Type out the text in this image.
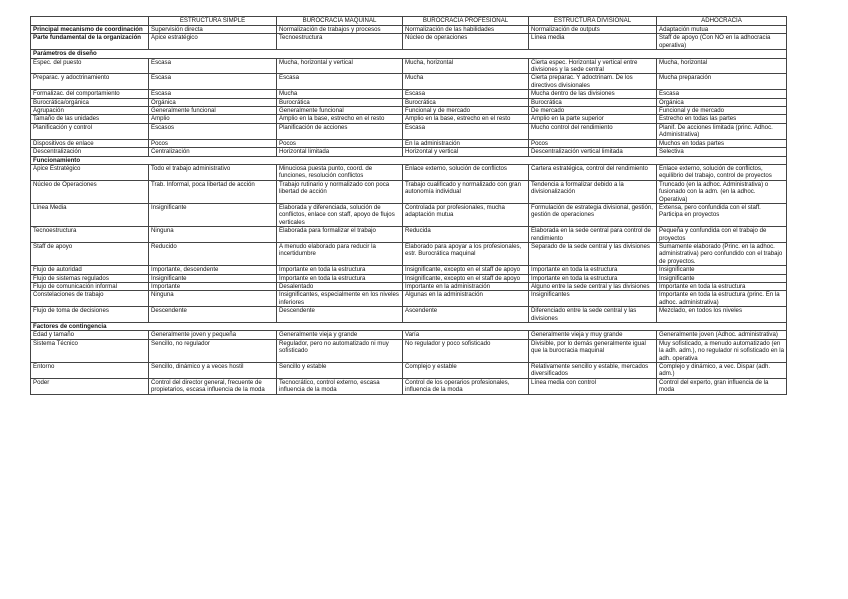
	ESTRUCTURA SIMPLE	BUROCRACIA MAQUINAL	BUROCRACIA PROFESIONAL	ESTRUCTURA DIVISIONAL	ADHOCRACIA
Principal mecanismo de coordinación	Supervisión directa	Normalización de trabajos y procesos	Normalización de las habilidades	Normalización de outputs	Adaptación mutua
Parte fundamental de la organización	Ápice estratégico	Tecnoestructura	Núcleo de operaciones	Línea media	Staff de apoyo (Con NO en la adhocracia operativa)
Parámetros de diseño					
Espec. del puesto	Escasa	Mucha, horizontal y vertical	Mucha, horizontal	Cierta espec. Horizontal y vertical entre divisiones y la sede central	Mucha, horizontal
Preparac. y adoctrinamiento	Escasa	Escasa	Mucha	Cierta preparac. Y adoctrinam. De los directivos divisionales	Mucha preparación
Formalizac. del comportamiento	Escasa	Mucha	Escasa	Mucha dentro de las divisiones	Escasa
Burocrática/orgánica	Orgánica	Burocrática	Burocrática	Burocrática	Orgánica
Agrupación	Generalmente funcional	Generalmente funcional	Funcional y de mercado	De mercado	Funcional y de mercado
Tamaño de las unidades	Amplio	Amplio en la base, estrecho en el resto	Amplio en la base, estrecho en el resto	Amplio en la parte superior	Estrecho en todas las partes
Planificación y control	Escasos	Planificación de acciones	Escasa	Mucho control del rendimiento	Planif. De acciones limitada (princ. Adhoc. Administrativa)
Dispositivos de enlace	Pocos	Pocos	En la administración	Pocos	Muchos en todas partes
Descentralización	Centralización	Horizontal limitada	Horizontal y vertical	Descentralización vertical limitada	Selectiva
Funcionamiento					
Ápice Estratégico	Todo el trabajo administrativo	Minuciosa puesta punto, coord. de funciones, resolución conflictos	Enlace externo, solución de conflictos	Cartera estratégica, control del rendimiento	Enlace externo, solución de conflictos, equilibrio del trabajo, control de proyectos
Núcleo de Operaciones	Trab. Informal, poca libertad de acción	Trabajo rutinario y normalizado con poca libertad de acción	Trabajo cualificado y normalizado con gran autonomía individual	Tendencia a formalizar debido a la divisionalización	Truncado (en la adhoc. Administrativa) o fusionado con la adm. (en la adhoc. Operativa)
Línea Media	Insignificante	Elaborada y diferenciada, solución de conflictos, enlace con staff, apoyo de flujos verticales	Controlada por profesionales, mucha adaptación mutua	Formulación de estrategia divisional, gestión, gestión de operaciones	Extensa, pero confundida con el staff. Participa en proyectos
Tecnoestructura	Ninguna	Elaborada para formalizar el trabajo	Reducida	Elaborada en la sede central para control de rendimiento	Pequeña y confundida con el trabajo de proyectos
Staff de apoyo	Reducido	A menudo elaborado para reducir la incertidumbre	Elaborado para apoyar a los profesionales, estr. Burocrática maquinal	Separado de la sede central y las divisiones	Sumamente elaborado (Princ. en la adhoc. administrativa) pero confundido con el trabajo de proyectos.
Flujo de autoridad	Importante, descendente	Importante en toda la estructura	Insignificante, excepto en el staff de apoyo	Importante en toda la estructura	Insignificante
Flujo de sistemas regulados	Insignificante	Importante en toda la estructura	Insignificante, excepto en el staff de apoyo	Importante en toda la estructura	Insignificante
Flujo de comunicación informal	Importante	Desalentado	Importante en la administración	Alguno entre la sede central y las divisiones	Importante en toda la estructura
Constelaciones de trabajo	Ninguna	Insignificantes, especialmente en los niveles inferiores	Algunas en la administración	Insignificantes	Importante en toda la estructura (princ. En la adhoc. administrativa)
Flujo de toma de decisiones	Descendente	Descendente	Ascendente	Diferenciado entre la sede central y las divisiones	Mezclado, en todos los niveles
Factores de contingencia					
Edad y tamaño	Generalmente joven y pequeña	Generalmente vieja y grande	Varía	Generalmente vieja y muy grande	Generalmente joven (Adhoc. administrativa)
Sistema Técnico	Sencillo, no regulador	Regulador, pero no automatizado ni muy sofisticado	No regulador y poco sofisticado	Divisible, por lo demás generalmente igual que la burocracia maquinal	Muy sofisticado, a menudo automatizado (en la adh. adm.), no regulador ni sofisticado en la adh. operativa
Entorno	Sencillo, dinámico y a veces hostil	Sencillo y estable	Complejo y estable	Relativamente sencillo y estable, mercados diversificados	Complejo y dinámico, a vec. Dispar (adh. adm.)
Poder	Control del director general, frecuente de propietarios, escasa influencia de la moda	Tecnocrático, control externo, escasa influencia de la moda	Control de los operarios profesionales, influencia de la moda	Línea media con control	Control del experto, gran influencia de la moda
